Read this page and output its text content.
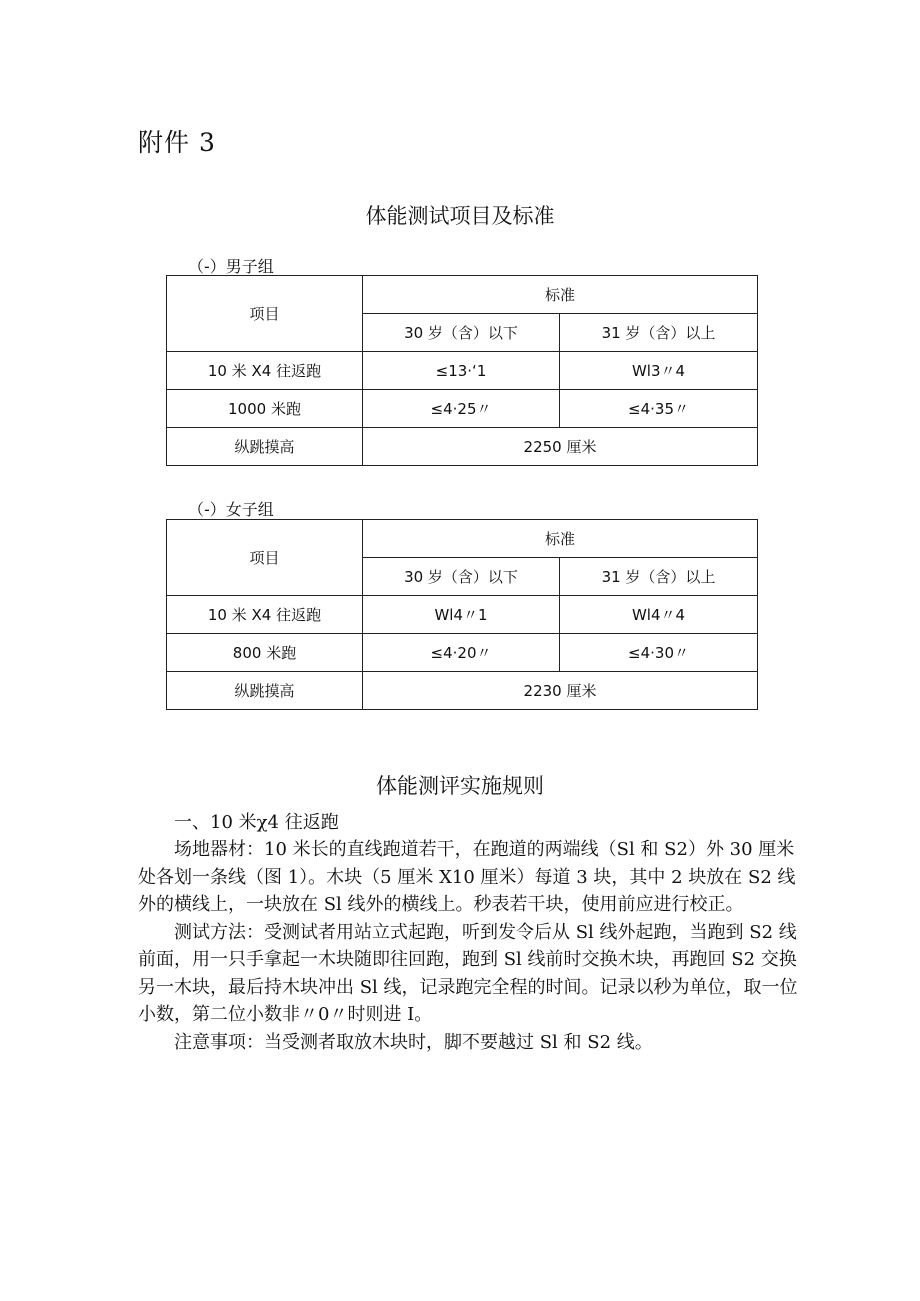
附件 3
体能测试项目及标准
（-）男子组
项目	标准	
	30 岁（含）以下	31 岁（含）以上
10 米 X4 往返跑	≤13·ʻ1	Wl3〃4
1000 米跑	≤4·25〃	≤4·35〃
纵跳摸高	2250 厘米	
（-）女子组
项目	标准	
	30 岁（含）以下	31 岁（含）以上
10 米 X4 往返跑	Wl4〃1	Wl4〃4
800 米跑	≤4·20〃	≤4·30〃
纵跳摸高	2230 厘米	
体能测评实施规则
一、10 米χ4 往返跑

场地器材：10 米长的直线跑道若干，在跑道的两端线（Sl 和 S2）外 30 厘米处各划一条线（图 1）。木块（5 厘米 X10 厘米）每道 3 块，其中 2 块放在 S2 线外的横线上，一块放在 Sl 线外的横线上。秒表若干块，使用前应进行校正。

测试方法：受测试者用站立式起跑，听到发令后从 Sl 线外起跑，当跑到 S2 线前面，用一只手拿起一木块随即往回跑，跑到 Sl 线前时交换木块，再跑回 S2 交换另一木块，最后持木块冲出 Sl 线，记录跑完全程的时间。记录以秒为单位，取一位小数，第二位小数非〃0〃时则进 I。

注意事项：当受测者取放木块时，脚不要越过 Sl 和 S2 线。
